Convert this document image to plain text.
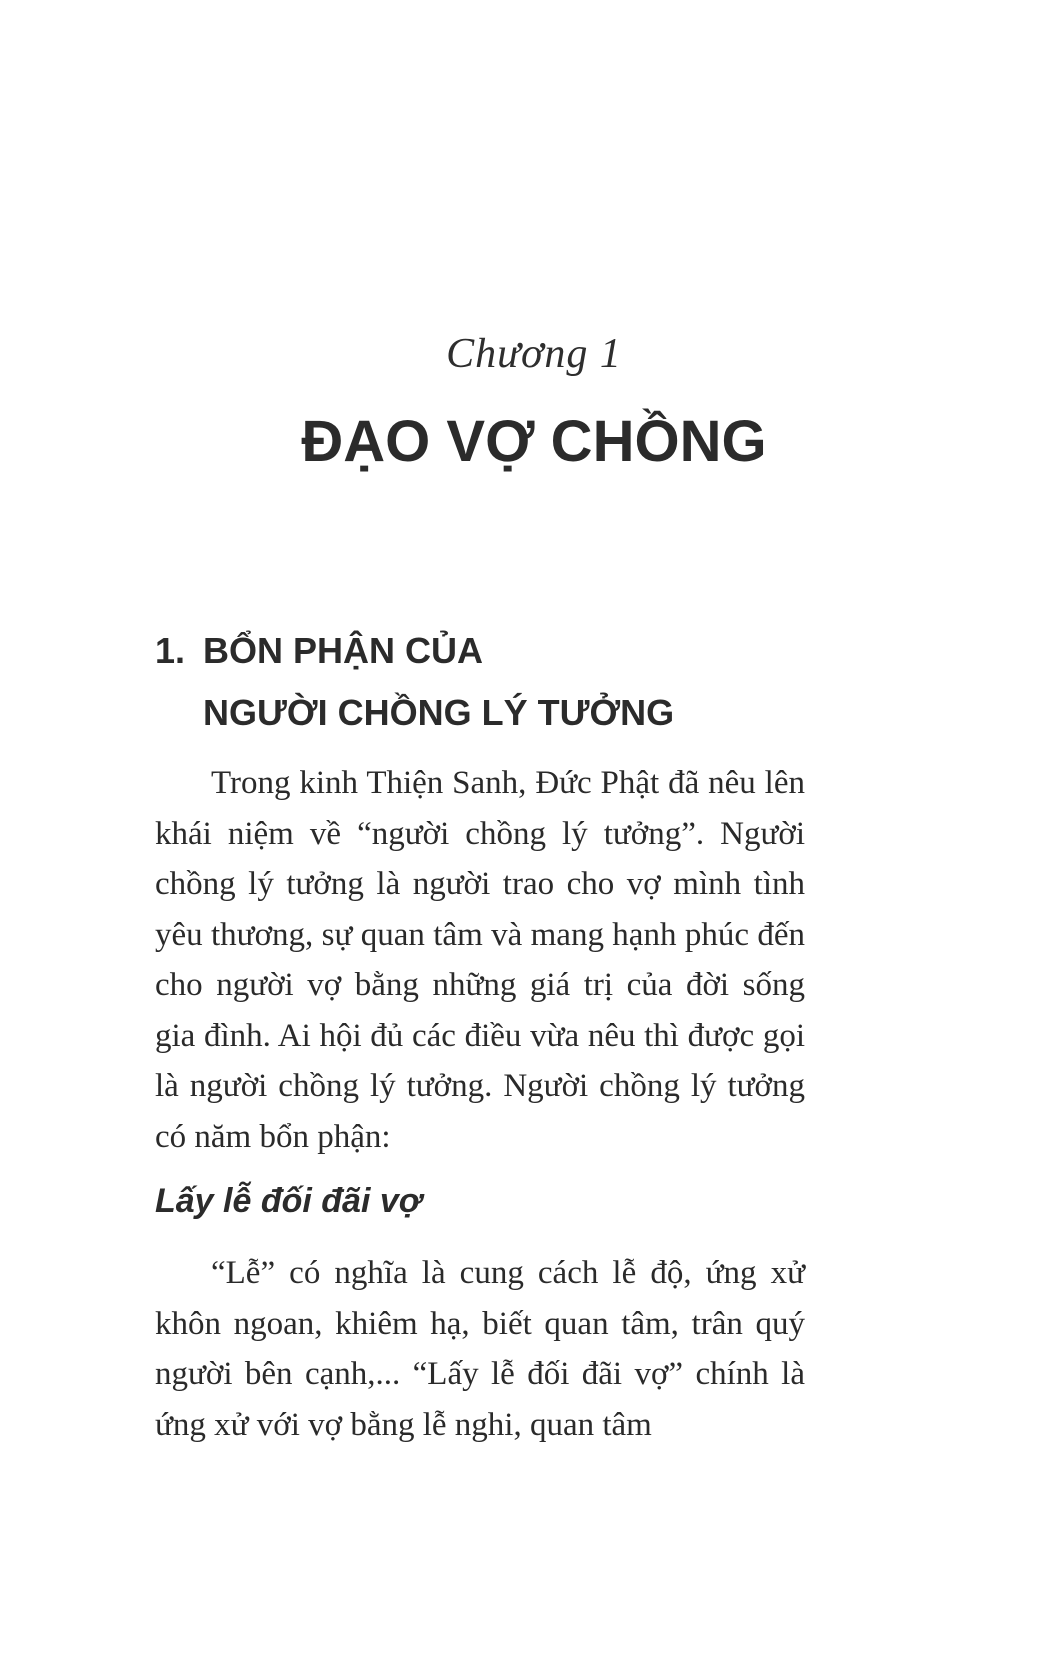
Chương 1
ĐẠO VỢ CHỒNG
1. BỔN PHẬN CỦA
NGƯỜI CHỒNG LÝ TƯỞNG
Trong kinh Thiện Sanh, Đức Phật đã nêu lên khái niệm về “người chồng lý tưởng”. Người chồng lý tưởng là người trao cho vợ mình tình yêu thương, sự quan tâm và mang hạnh phúc đến cho người vợ bằng những giá trị của đời sống gia đình. Ai hội đủ các điều vừa nêu thì được gọi là người chồng lý tưởng. Người chồng lý tưởng có năm bổn phận:
Lấy lễ đối đãi vợ
“Lễ” có nghĩa là cung cách lễ độ, ứng xử khôn ngoan, khiêm hạ, biết quan tâm, trân quý người bên cạnh,... “Lấy lễ đối đãi vợ” chính là ứng xử với vợ bằng lễ nghi, quan tâm
